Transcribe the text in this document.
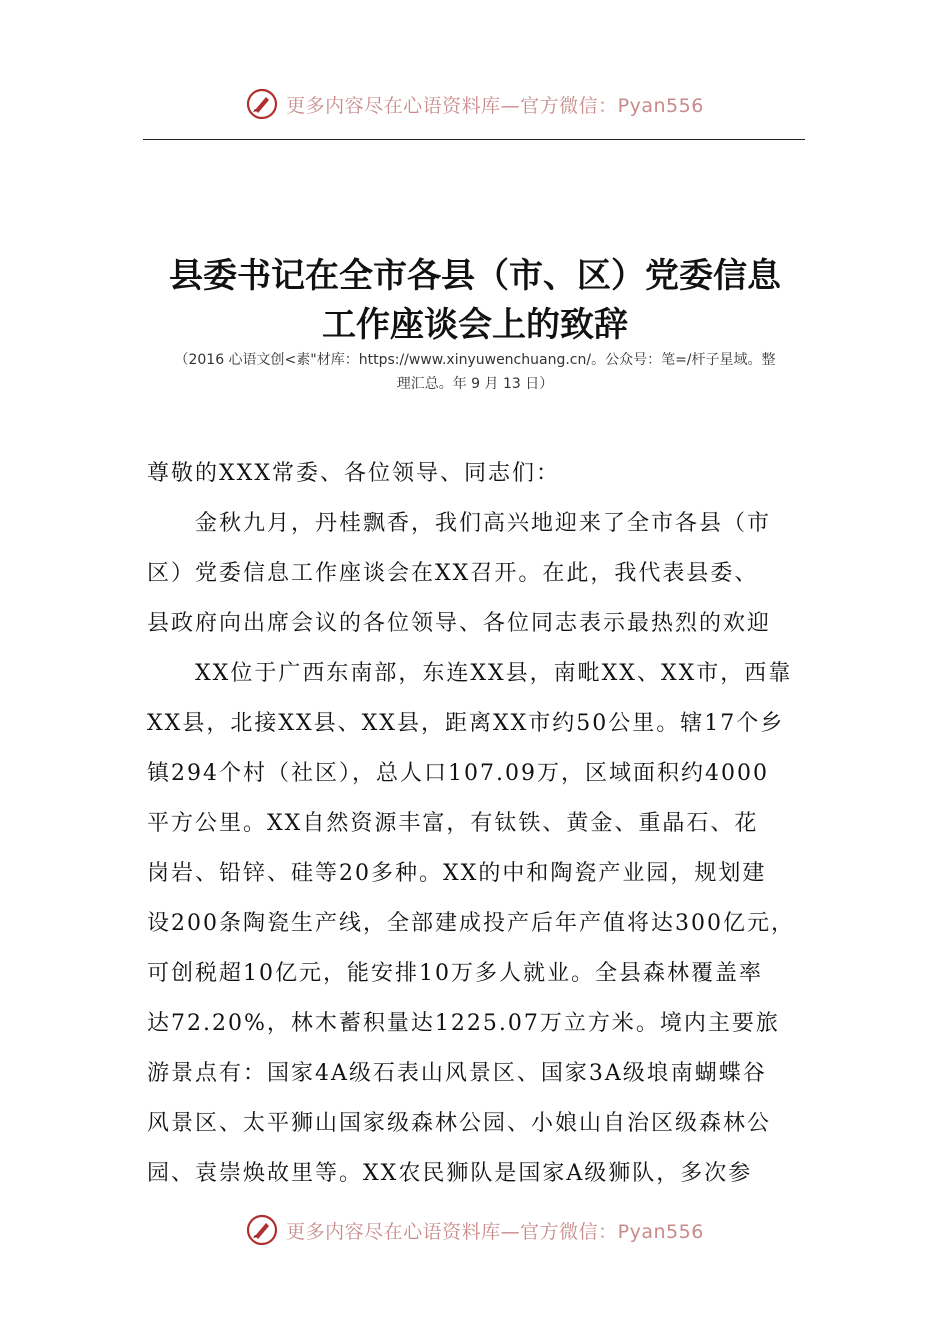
更多内容尽在心语资料库—官方微信：Pyan556
县委书记在全市各县（市、区）党委信息
工作座谈会上的致辞
（2016 心语文创<素"材库：https://www.xinyuwenchuang.cn/。公众号：笔=/杆子星域。整
理汇总。年 9 月 13 日）
尊敬的XXX常委、各位领导、同志们：
　　金秋九月，丹桂飘香，我们高兴地迎来了全市各县（市
区）党委信息工作座谈会在XX召开。在此，我代表县委、
县政府向出席会议的各位领导、各位同志表示最热烈的欢迎
　　XX位于广西东南部，东连XX县，南毗XX、XX市，西靠
XX县，北接XX县、XX县，距离XX市约50公里。辖17个乡
镇294个村（社区），总人口107.09万，区域面积约4000
平方公里。XX自然资源丰富，有钛铁、黄金、重晶石、花
岗岩、铅锌、硅等20多种。XX的中和陶瓷产业园，规划建
设200条陶瓷生产线，全部建成投产后年产值将达300亿元，
可创税超10亿元，能安排10万多人就业。全县森林覆盖率
达72.20%，林木蓄积量达1225.07万立方米。境内主要旅
游景点有：国家4A级石表山风景区、国家3A级埌南蝴蝶谷
风景区、太平狮山国家级森林公园、小娘山自治区级森林公
园、袁崇焕故里等。XX农民狮队是国家A级狮队，多次参
更多内容尽在心语资料库—官方微信：Pyan556
